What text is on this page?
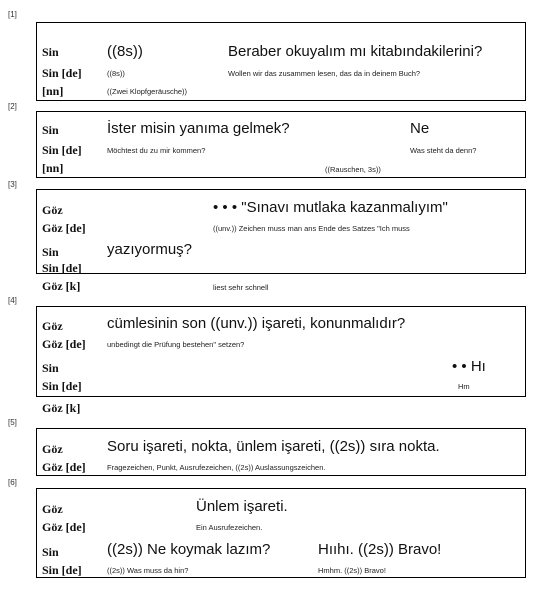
[1]
Sin	((8s))	Beraber okuyalım mı kitabındakilerini?
Sin [de]	((8s))	Wollen wir das zusammen lesen, das da in deinem Buch?
[nn]	((Zwei Klopfgeräusche))
[2]
Sin	İster misin yanıma gelmek?	Ne
Sin [de]	Möchtest du zu mir kommen?	Was steht da denn?
[nn]	((Rauschen, 3s))
[3]
Göz	• • • "Sınavı mutlaka kazanmalıyım"
Göz [de]	((unv.)) Zeichen muss man ans Ende des Satzes "Ich muss
Sin	yazıyormuş?
Sin [de]
Göz [k]	liest sehr schnell
[4]
Göz	cümlesinin son ((unv.)) işareti, konunmalıdır?
Göz [de]	unbedingt die Prüfung bestehen" setzen?
Sin	• • Hı
Sin [de]	Hm
Göz [k]
[5]
Göz	Soru işareti, nokta, ünlem işareti, ((2s)) sıra nokta.
Göz [de]	Fragezeichen, Punkt, Ausrufezeichen, ((2s)) Auslassungszeichen.
[6]
Göz	Ünlem işareti.
Göz [de]	Ein Ausrufezeichen.
Sin	((2s)) Ne koymak lazım?	Hııhı. ((2s)) Bravo!
Sin [de]	((2s)) Was muss da hin?	Hmhm. ((2s)) Bravo!
